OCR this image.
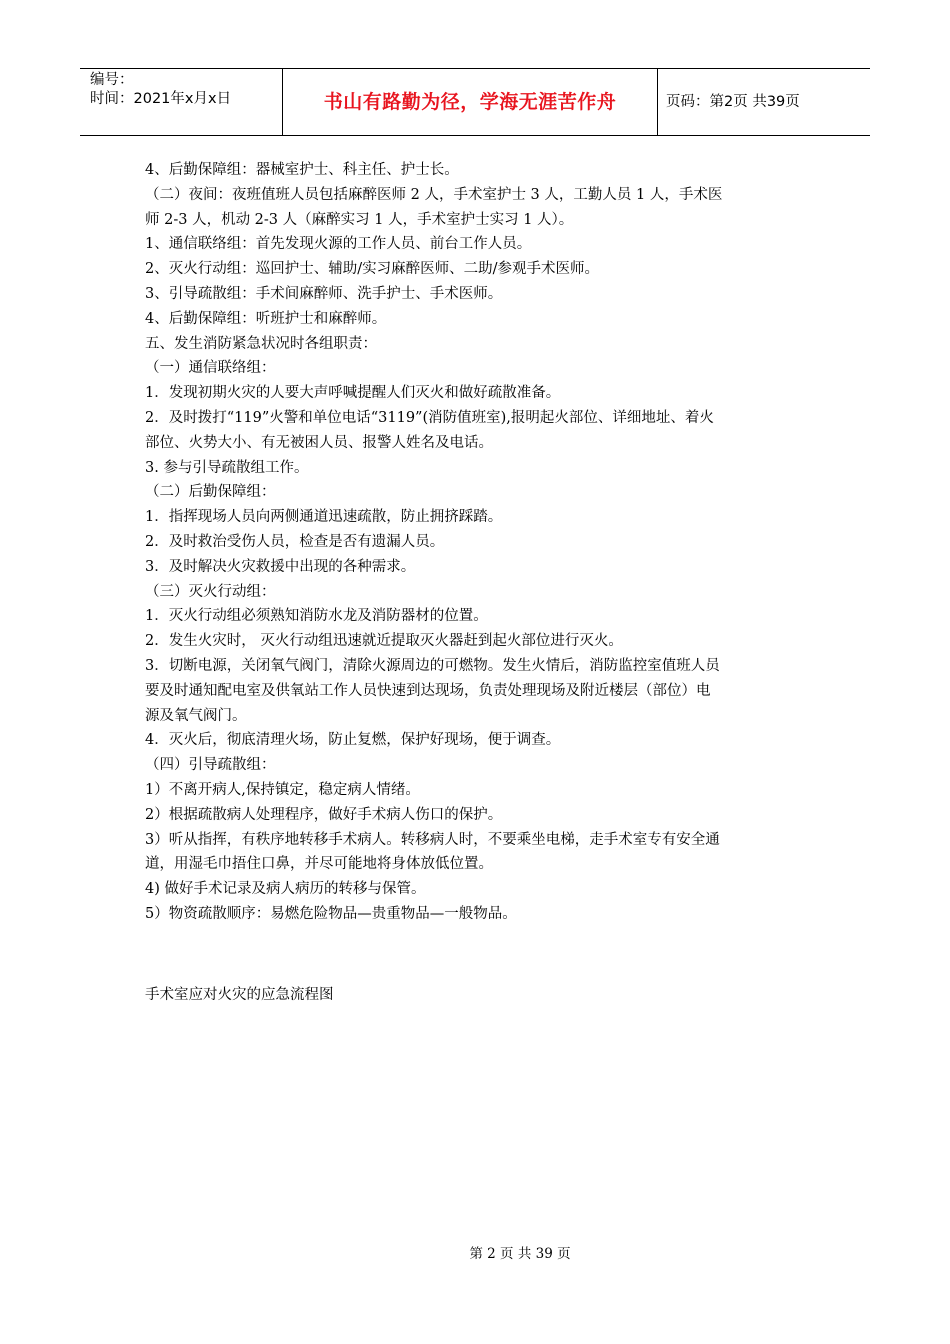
编号：
时间：2021年x月x日	书山有路勤为径，学海无涯苦作舟	页码：第2页 共39页

4、后勤保障组：器械室护士、科主任、护士长。

（二）夜间：夜班值班人员包括麻醉医师 2 人，手术室护士 3 人，工勤人员 1 人，手术医

师 2-3 人，机动 2-3 人（麻醉实习 1 人，手术室护士实习 1 人）。

1、通信联络组：首先发现火源的工作人员、前台工作人员。

2、灭火行动组：巡回护士、辅助/实习麻醉医师、二助/参观手术医师。

3、引导疏散组：手术间麻醉师、洗手护士、手术医师。

4、后勤保障组：听班护士和麻醉师。

五、发生消防紧急状况时各组职责：

（一）通信联络组：

1．发现初期火灾的人要大声呼喊提醒人们灭火和做好疏散准备。

2．及时拨打“119”火警和单位电话“3119”(消防值班室),报明起火部位、详细地址、着火

部位、火势大小、有无被困人员、报警人姓名及电话。

3. 参与引导疏散组工作。

（二）后勤保障组：

1．指挥现场人员向两侧通道迅速疏散，防止拥挤踩踏。

2．及时救治受伤人员，检查是否有遗漏人员。

3．及时解决火灾救援中出现的各种需求。

（三）灭火行动组：

1．灭火行动组必须熟知消防水龙及消防器材的位置。

2．发生火灾时， 灭火行动组迅速就近提取灭火器赶到起火部位进行灭火。

3．切断电源，关闭氧气阀门，清除火源周边的可燃物。发生火情后，消防监控室值班人员

要及时通知配电室及供氧站工作人员快速到达现场，负责处理现场及附近楼层（部位）电

源及氧气阀门。

4．灭火后，彻底清理火场，防止复燃，保护好现场，便于调查。

（四）引导疏散组：

1）不离开病人,保持镇定，稳定病人情绪。

2）根据疏散病人处理程序，做好手术病人伤口的保护。

3）听从指挥，有秩序地转移手术病人。转移病人时，不要乘坐电梯，走手术室专有安全通

道，用湿毛巾捂住口鼻，并尽可能地将身体放低位置。

4) 做好手术记录及病人病历的转移与保管。

5）物资疏散顺序：易燃危险物品—贵重物品—一般物品。

手术室应对火灾的应急流程图
第 2 页 共 39 页
